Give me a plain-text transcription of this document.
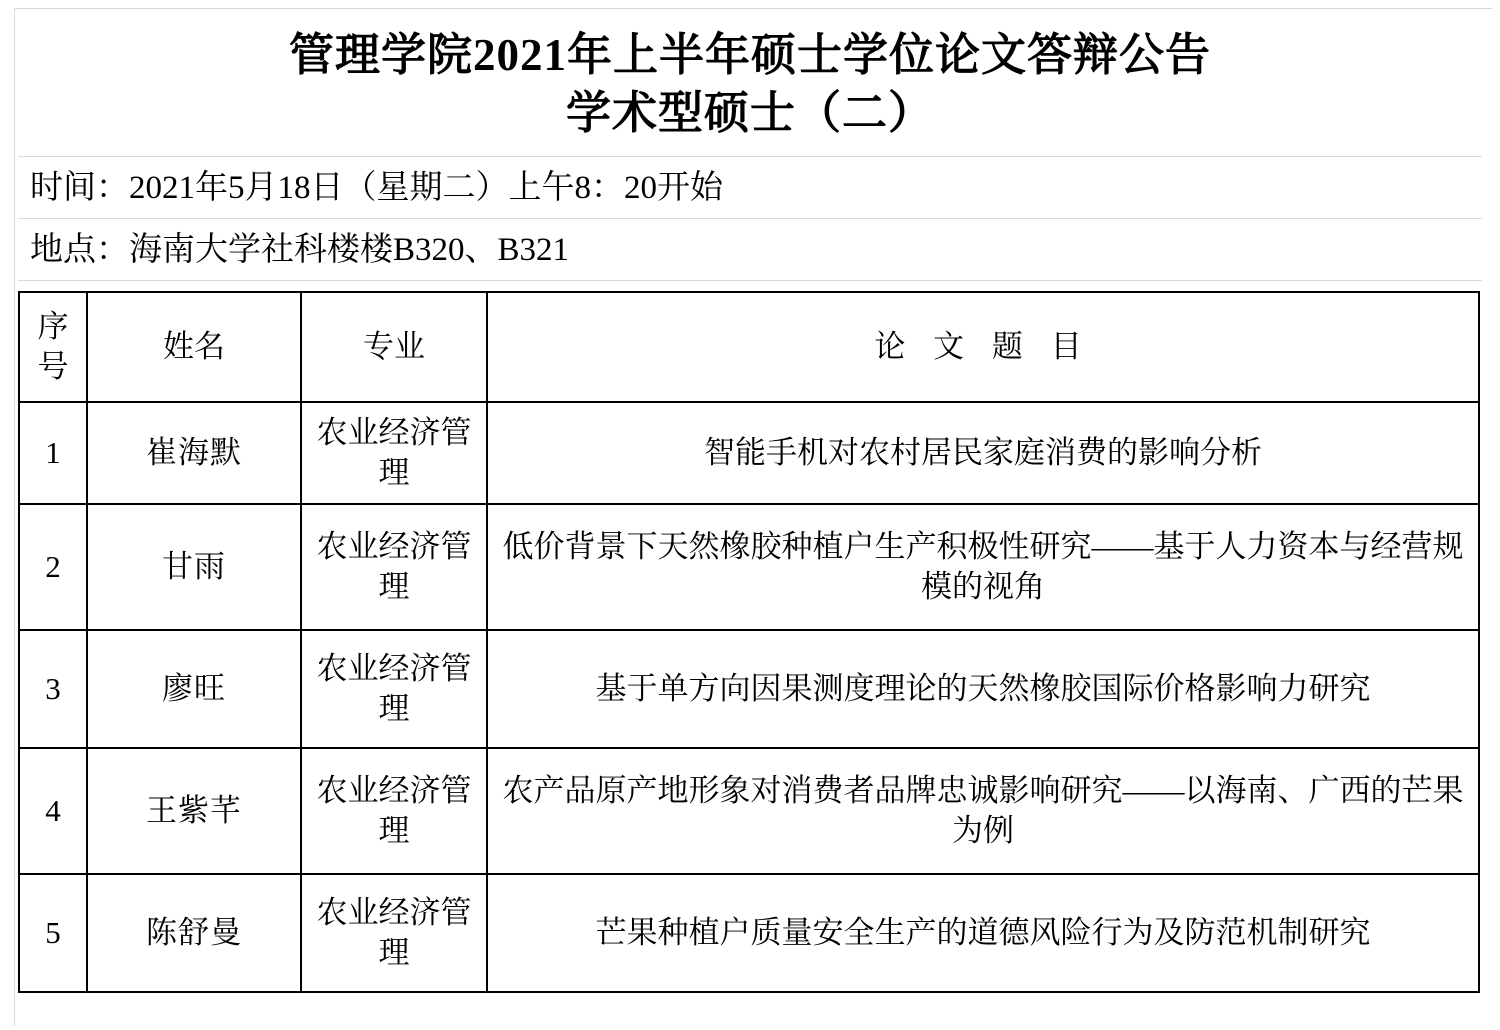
管理学院2021年上半年硕士学位论文答辩公告
学术型硕士（二）
时间：2021年5月18日（星期二）上午8：20开始
地点：海南大学社科楼楼B320、B321
序号	姓名	专业	论 文 题 目
1	崔海默	农业经济管理	智能手机对农村居民家庭消费的影响分析
2	甘雨	农业经济管理	低价背景下天然橡胶种植户生产积极性研究——基于人力资本与经营规模的视角
3	廖旺	农业经济管理	基于单方向因果测度理论的天然橡胶国际价格影响力研究
4	王紫芊	农业经济管理	农产品原产地形象对消费者品牌忠诚影响研究——以海南、广西的芒果为例
5	陈舒曼	农业经济管理	芒果种植户质量安全生产的道德风险行为及防范机制研究
